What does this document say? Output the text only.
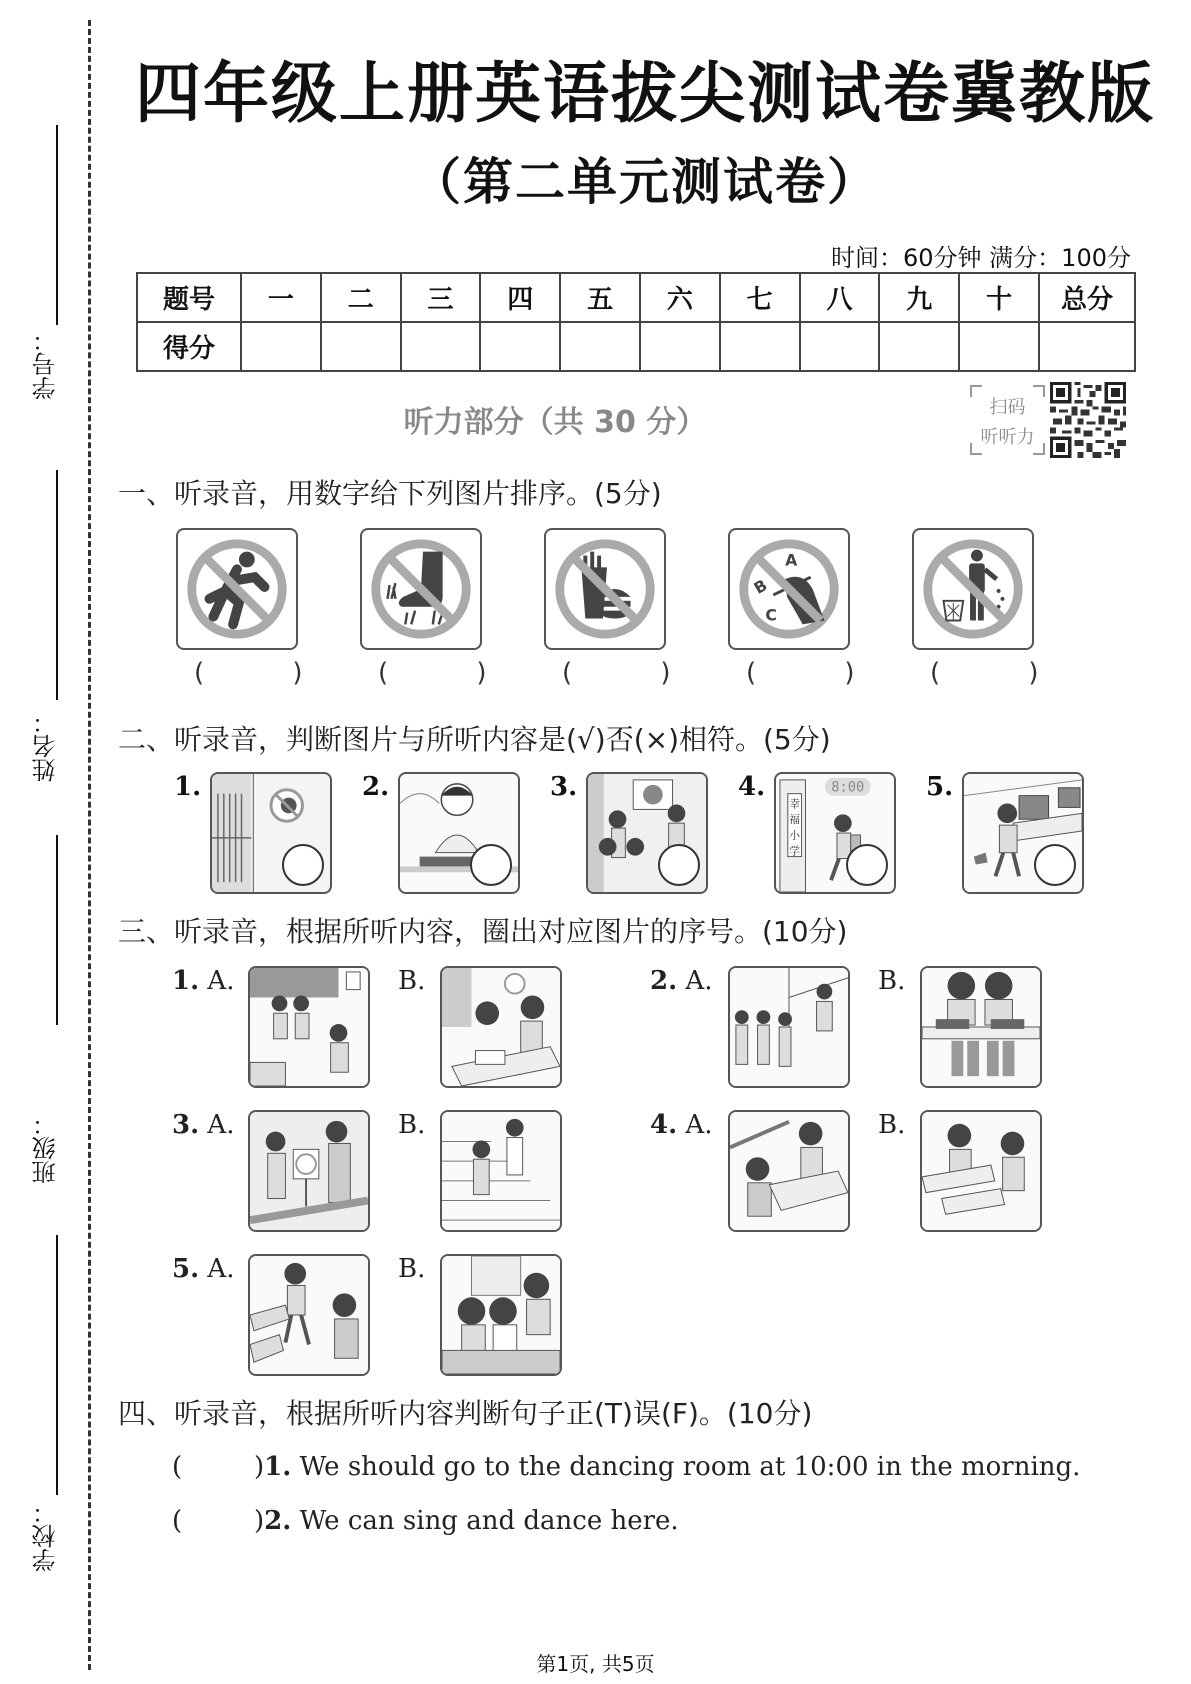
学号：
姓名：
班级：
学校：
四年级上册英语拔尖测试卷冀教版
（第二单元测试卷）
时间：60分钟 满分：100分
题号	一	二	三	四	五	六	七	八	九	十	总分
得分											
听力部分（共 30 分）	扫码
听听力
一、听录音，用数字给下列图片排序。(5分)
A
B
C
( ) ( ) ( ) ( ) ( )
二、听录音，判断图片与所听内容是(√)否(×)相符。(5分)
1.	2.	3.	4.
幸
福
小
学
8:00 5.
三、听录音，根据所听内容，圈出对应图片的序号。(10分)
1. A.	B.	2. A.	B.
3. A.	B.	4. A.	B.
5. A.	B.
四、听录音，根据所听内容判断句子正(T)误(F)。(10分)
(	)1. We should go to the dancing room at 10:00 in the morning.
(	)2. We can sing and dance here.
第1页, 共5页
